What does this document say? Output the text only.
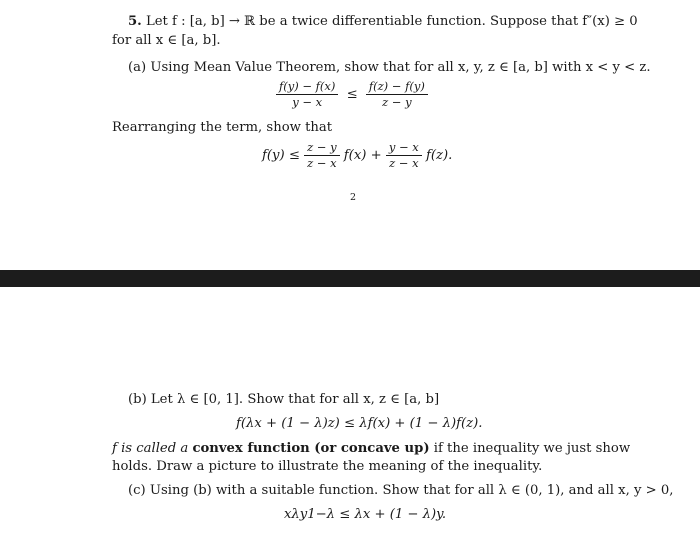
5. Let f : [a, b] → ℝ be a twice differentiable function. Suppose that f″(x) ≥ 0
for all x ∈ [a, b].
(a) Using Mean Value Theorem, show that for all x, y, z ∈ [a, b] with x < y < z.
$\frac{f(y) - f(x)}{y - x} \le \frac{f(z) - f(y)}{z - y}$
Rearranging the term, show that
$f(y) \le \frac{z - y}{z - x} f(x) + \frac{y - x}{z - x} f(z)$.
2
(b) Let λ ∈ [0, 1]. Show that for all x, z ∈ [a, b]
f(λx + (1 − λ)z) ≤ λf(x) + (1 − λ)f(z).
f is called a convex function (or concave up) if the inequality we just show
holds. Draw a picture to illustrate the meaning of the inequality.
(c) Using (b) with a suitable function. Show that for all λ ∈ (0, 1), and all x, y > 0,
xλy1−λ ≤ λx + (1 − λ)y.
